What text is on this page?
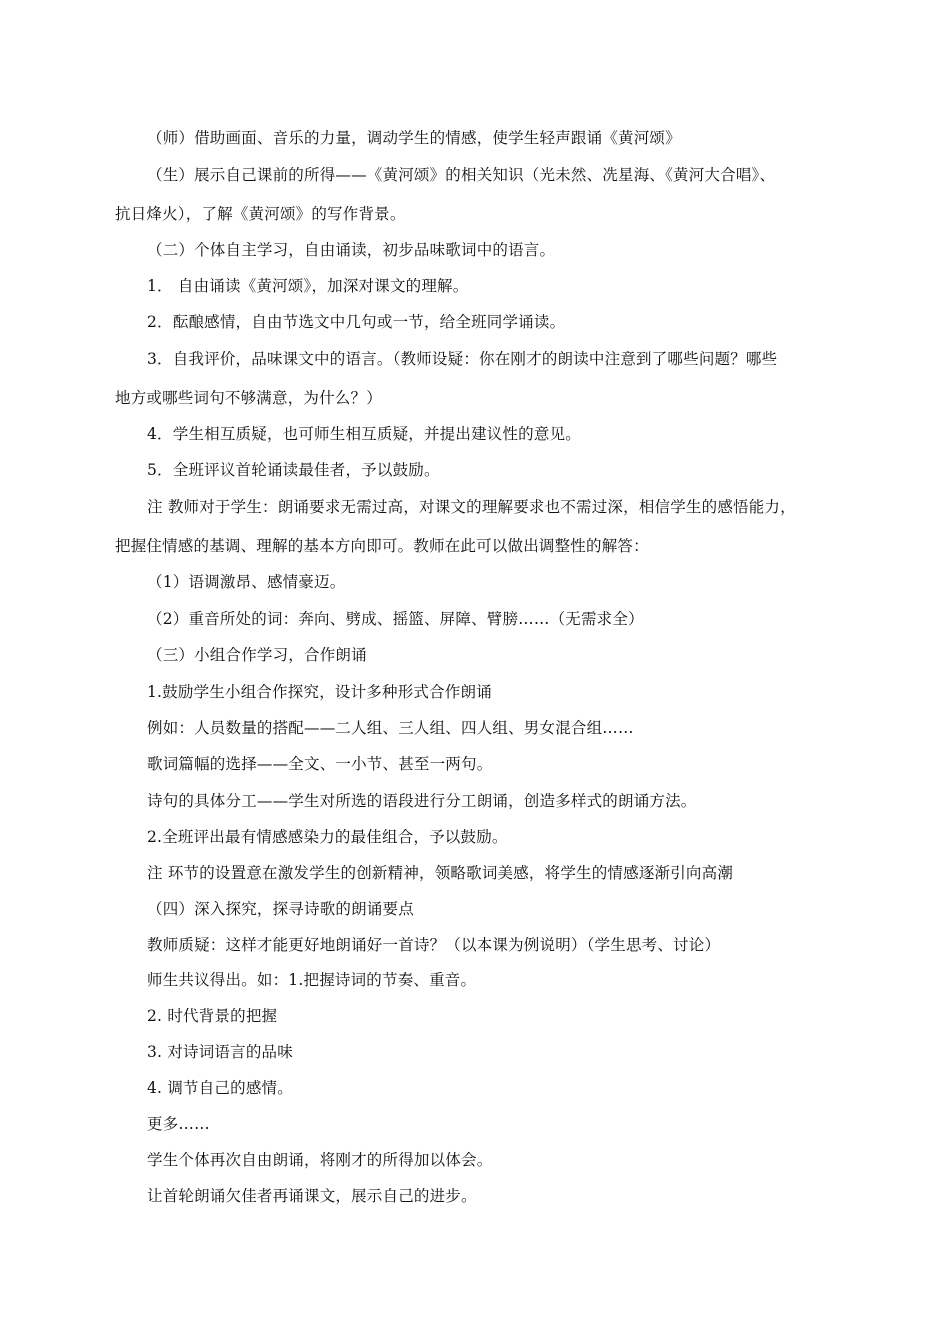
（师）借助画面、音乐的力量，调动学生的情感，使学生轻声跟诵《黄河颂》
（生）展示自己课前的所得——《黄河颂》的相关知识（光未然、冼星海、《黄河大合唱》、
抗日烽火），了解《黄河颂》的写作背景。
（二）个体自主学习，自由诵读，初步品味歌词中的语言。
1． 自由诵读《黄河颂》，加深对课文的理解。
2．酝酿感情，自由节选文中几句或一节，给全班同学诵读。
3．自我评价，品味课文中的语言。（教师设疑：你在刚才的朗读中注意到了哪些问题？哪些
地方或哪些词句不够满意，为什么？）
4．学生相互质疑，也可师生相互质疑，并提出建议性的意见。
5．全班评议首轮诵读最佳者，予以鼓励。
注 教师对于学生：朗诵要求无需过高，对课文的理解要求也不需过深，相信学生的感悟能力，
把握住情感的基调、理解的基本方向即可。教师在此可以做出调整性的解答：
（1）语调激昂、感情豪迈。
（2）重音所处的词：奔向、劈成、摇篮、屏障、臂膀……（无需求全）
（三）小组合作学习，合作朗诵
1.鼓励学生小组合作探究，设计多种形式合作朗诵
例如：人员数量的搭配——二人组、三人组、四人组、男女混合组……
歌词篇幅的选择——全文、一小节、甚至一两句。
诗句的具体分工——学生对所选的语段进行分工朗诵，创造多样式的朗诵方法。
2.全班评出最有情感感染力的最佳组合，予以鼓励。
注 环节的设置意在激发学生的创新精神，领略歌词美感，将学生的情感逐渐引向高潮
（四）深入探究，探寻诗歌的朗诵要点
教师质疑：这样才能更好地朗诵好一首诗？（以本课为例说明）（学生思考、讨论）
师生共议得出。如：1.把握诗词的节奏、重音。
2. 时代背景的把握
3. 对诗词语言的品味
4. 调节自己的感情。
更多……
学生个体再次自由朗诵，将刚才的所得加以体会。
让首轮朗诵欠佳者再诵课文，展示自己的进步。
